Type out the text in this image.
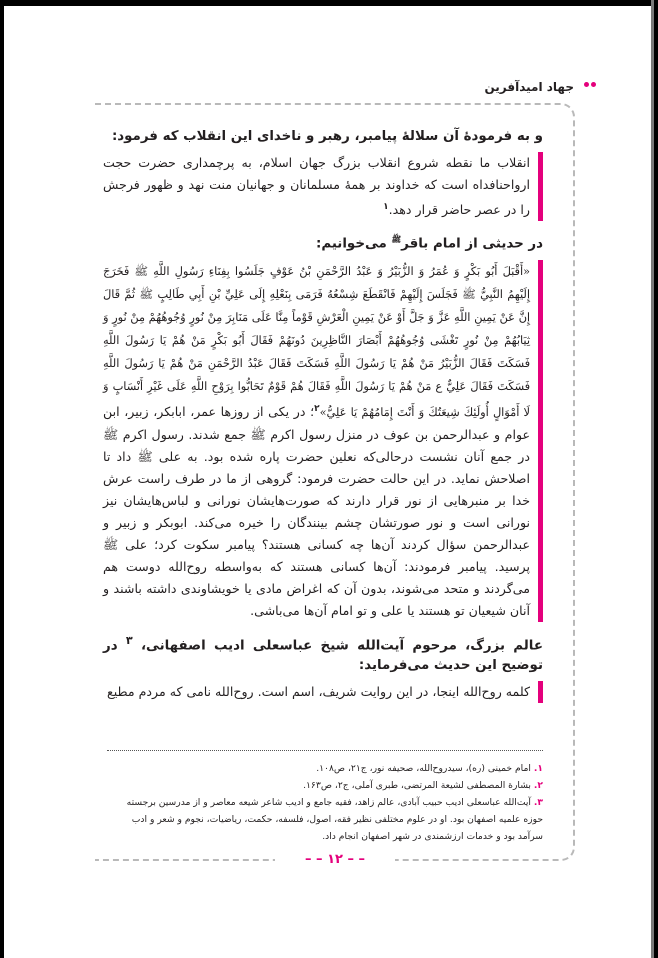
جهاد امیدآفرین

و به فرمودهٔ آن سلالهٔ پیامبر، رهبر و ناخدای این انقلاب که فرمود:

انقلاب ما نقطه شروع انقلاب بزرگ جهان اسلام، به پرچمداری حضرت حجت ارواحنافداه است که خداوند بر همهٔ مسلمانان و جهانیان منت نهد و ظهور فرجش را در عصر حاضر قرار دهد.$^۱$

در حدیثی از امام باقر$^ﷺ$ می‌خوانیم:

«أَقْبَلَ أَبُو بَكْرٍ وَ عُمَرُ وَ الزُّبَيْرُ وَ عَبْدُ الرَّحْمَنِ بْنُ عَوْفٍ جَلَسُوا بِفِنَاءِ رَسُولِ اللَّهِ ﷺ فَخَرَجَ إِلَيْهِمُ النَّبِيُّ ﷺ فَجَلَسَ إِلَيْهِمْ فَانْقَطَعَ شِسْعُهُ فَرَمَى بِنَعْلِهِ إِلَى عَلِيِّ بْنِ أَبِي طَالِبٍ ﷺ ثُمَّ قَالَ إِنَّ عَنْ يَمِينِ اللَّهِ عَزَّ وَ جَلَّ أَوْ عَنْ يَمِينِ الْعَرْشِ قَوْماً مِنَّا عَلَى مَنَابِرَ مِنْ نُورٍ وُجُوهُهُمْ مِنْ نُورٍ وَ ثِيَابُهُمْ مِنْ نُورٍ تَغْشَى وُجُوهُهُمْ أَبْصَارَ النَّاظِرِينَ دُونَهُمْ فَقَالَ أَبُو بَكْرٍ مَنْ هُمْ يَا رَسُولَ اللَّهِ فَسَكَتَ فَقَالَ الزُّبَيْرُ مَنْ هُمْ يَا رَسُولَ اللَّهِ فَسَكَتَ فَقَالَ عَبْدُ الرَّحْمَنِ مَنْ هُمْ يَا رَسُولَ اللَّهِ فَسَكَتَ فَقَالَ عَلِيٌّ ع مَنْ هُمْ يَا رَسُولَ اللَّهِ فَقَالَ هُمْ قَوْمٌ تَحَابُّوا بِرَوْحِ اللَّهِ عَلَى غَيْرِ أَنْسَابٍ وَ لَا أَمْوَالٍ أُولَئِكَ شِيعَتُكَ وَ أَنْتَ إِمَامُهُمْ يَا عَلِيُّ»$^۲$؛ در یکی از روزها عمر، ابابکر، زبیر، ابن عوام و عبدالرحمن بن عوف در منزل رسول اکرم ﷺ جمع شدند. رسول اکرم ﷺ در جمع آنان نشست درحالی‌که نعلین حضرت پاره شده بود. به علی ﷺ داد تا اصلاحش نماید. در این حالت حضرت فرمود: گروهی از ما در طرف راست عرش خدا بر منبرهایی از نور قرار دارند که صورت‌هایشان نورانی و لباس‌هایشان نیز نورانی است و نور صورتشان چشم بینندگان را خیره می‌کند. ابوبکر و زبیر و عبدالرحمن سؤال کردند آن‌ها چه کسانی هستند؟ پیامبر سکوت کرد؛ علی ﷺ پرسید. پیامبر فرمودند: آن‌ها کسانی هستند که به‌واسطه روح‌الله دوست هم می‌گردند و متحد می‌شوند، بدون آن که اغراض مادی یا خویشاوندی داشته باشند و آنان شیعیان تو هستند یا علی و تو امام آن‌ها می‌باشی.

عالم بزرگ، مرحوم آیت‌الله شیخ عباسعلی ادیب اصفهانی، $^۳$ در توضیح این حدیث می‌فرماید:

کلمه روح‌الله اینجا، در این روایت شریف، اسم است. روح‌الله نامی که مردم مطیع

۱. امام خمینی (ره)، سیدروح‌الله، صحیفه نور، ج۲۱، ص۱۰۸.

۲. بشارة المصطفی لشیعة المرتضی، طبری آملی، ج۲، ص۱۶۳.

۳. آیت‌الله عباسعلی ادیب حبیب آبادی، عالم زاهد، فقیه جامع و ادیب شاعر شیعه معاصر و از مدرسین برجسته حوزه علمیه اصفهان بود. او در علوم مختلفی نظیر فقه، اصول، فلسفه، حکمت، ریاضیات، نجوم و شعر و ادب سرآمد بود و خدمات ارزشمندی در شهر اصفهان انجام داد.

– – ۱۲ – –
